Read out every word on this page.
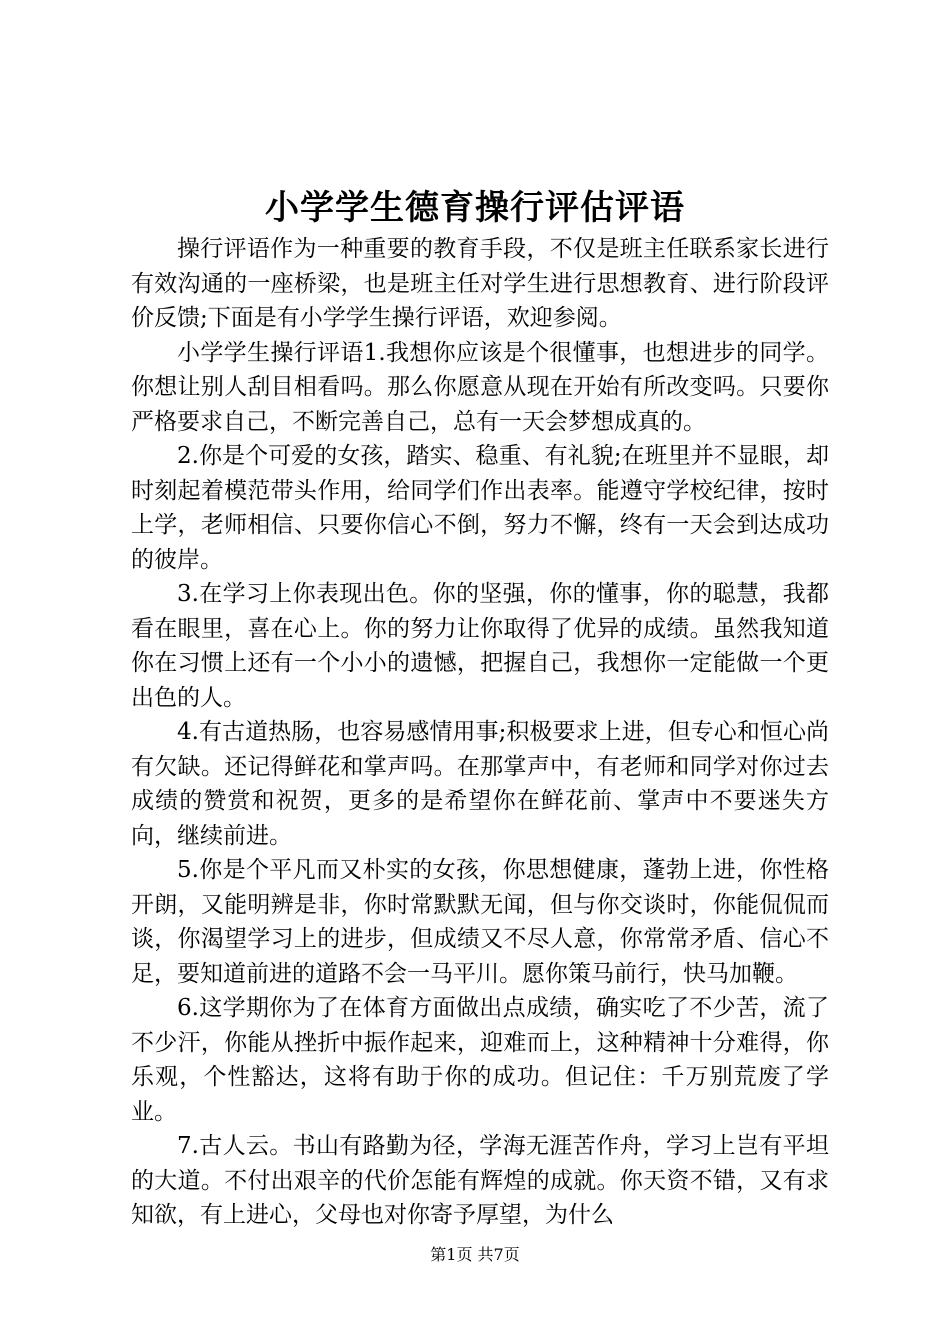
小学学生德育操行评估评语

操行评语作为一种重要的教育手段，不仅是班主任联系家长进行有效沟通的一座桥梁，也是班主任对学生进行思想教育、进行阶段评价反馈;下面是有小学学生操行评语，欢迎参阅。

小学学生操行评语1.我想你应该是个很懂事，也想进步的同学。你想让别人刮目相看吗。那么你愿意从现在开始有所改变吗。只要你严格要求自己，不断完善自己，总有一天会梦想成真的。

2.你是个可爱的女孩，踏实、稳重、有礼貌;在班里并不显眼，却时刻起着模范带头作用，给同学们作出表率。能遵守学校纪律，按时上学，老师相信、只要你信心不倒，努力不懈，终有一天会到达成功的彼岸。

3.在学习上你表现出色。你的坚强，你的懂事，你的聪慧，我都看在眼里，喜在心上。你的努力让你取得了优异的成绩。虽然我知道你在习惯上还有一个小小的遗憾，把握自己，我想你一定能做一个更出色的人。

4.有古道热肠，也容易感情用事;积极要求上进，但专心和恒心尚有欠缺。还记得鲜花和掌声吗。在那掌声中，有老师和同学对你过去成绩的赞赏和祝贺，更多的是希望你在鲜花前、掌声中不要迷失方向，继续前进。

5.你是个平凡而又朴实的女孩，你思想健康，蓬勃上进，你性格开朗，又能明辨是非，你时常默默无闻，但与你交谈时，你能侃侃而谈，你渴望学习上的进步，但成绩又不尽人意，你常常矛盾、信心不足，要知道前进的道路不会一马平川。愿你策马前行，快马加鞭。

6.这学期你为了在体育方面做出点成绩，确实吃了不少苦，流了不少汗，你能从挫折中振作起来，迎难而上，这种精神十分难得，你乐观，个性豁达，这将有助于你的成功。但记住：千万别荒废了学业。

7.古人云。书山有路勤为径，学海无涯苦作舟，学习上岂有平坦的大道。不付出艰辛的代价怎能有辉煌的成就。你天资不错，又有求知欲，有上进心，父母也对你寄予厚望，为什么

第1页 共7页
